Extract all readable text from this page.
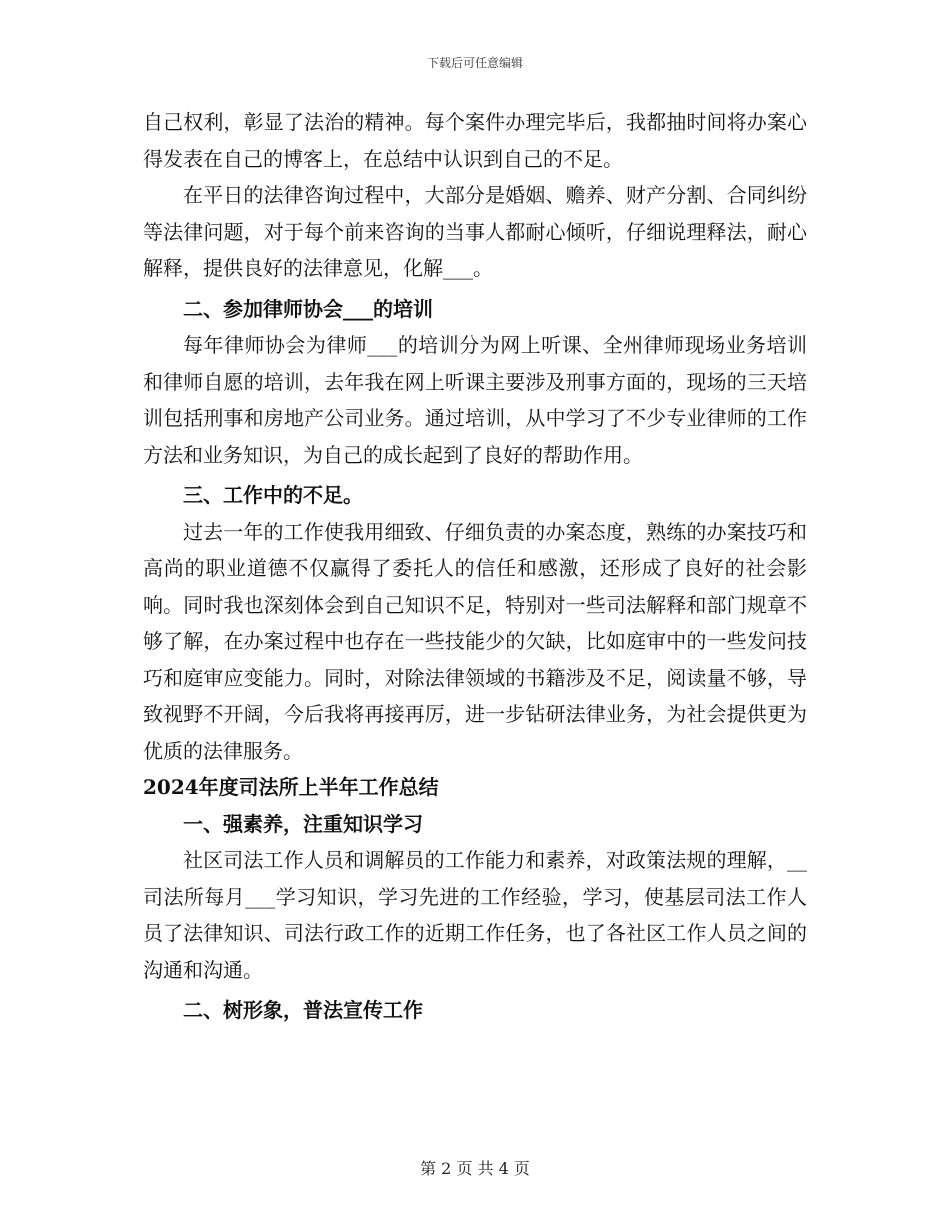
下载后可任意编辑

自己权利，彰显了法治的精神。每个案件办理完毕后，我都抽时间将办案心得发表在自己的博客上，在总结中认识到自己的不足。

在平日的法律咨询过程中，大部分是婚姻、赡养、财产分割、合同纠纷等法律问题，对于每个前来咨询的当事人都耐心倾听，仔细说理释法，耐心解释，提供良好的法律意见，化解___。

二、参加律师协会___的培训

每年律师协会为律师___的培训分为网上听课、全州律师现场业务培训和律师自愿的培训，去年我在网上听课主要涉及刑事方面的，现场的三天培训包括刑事和房地产公司业务。通过培训，从中学习了不少专业律师的工作方法和业务知识，为自己的成长起到了良好的帮助作用。

三、工作中的不足。

过去一年的工作使我用细致、仔细负责的办案态度，熟练的办案技巧和高尚的职业道德不仅赢得了委托人的信任和感激，还形成了良好的社会影响。同时我也深刻体会到自己知识不足，特别对一些司法解释和部门规章不够了解，在办案过程中也存在一些技能少的欠缺，比如庭审中的一些发问技巧和庭审应变能力。同时，对除法律领域的书籍涉及不足，阅读量不够，导致视野不开阔，今后我将再接再厉，进一步钻研法律业务，为社会提供更为优质的法律服务。

2024年度司法所上半年工作总结

一、强素养，注重知识学习

社区司法工作人员和调解员的工作能力和素养，对政策法规的理解，__司法所每月___学习知识，学习先进的工作经验，学习，使基层司法工作人员了法律知识、司法行政工作的近期工作任务，也了各社区工作人员之间的沟通和沟通。

二、树形象，普法宣传工作

第 2 页 共 4 页
